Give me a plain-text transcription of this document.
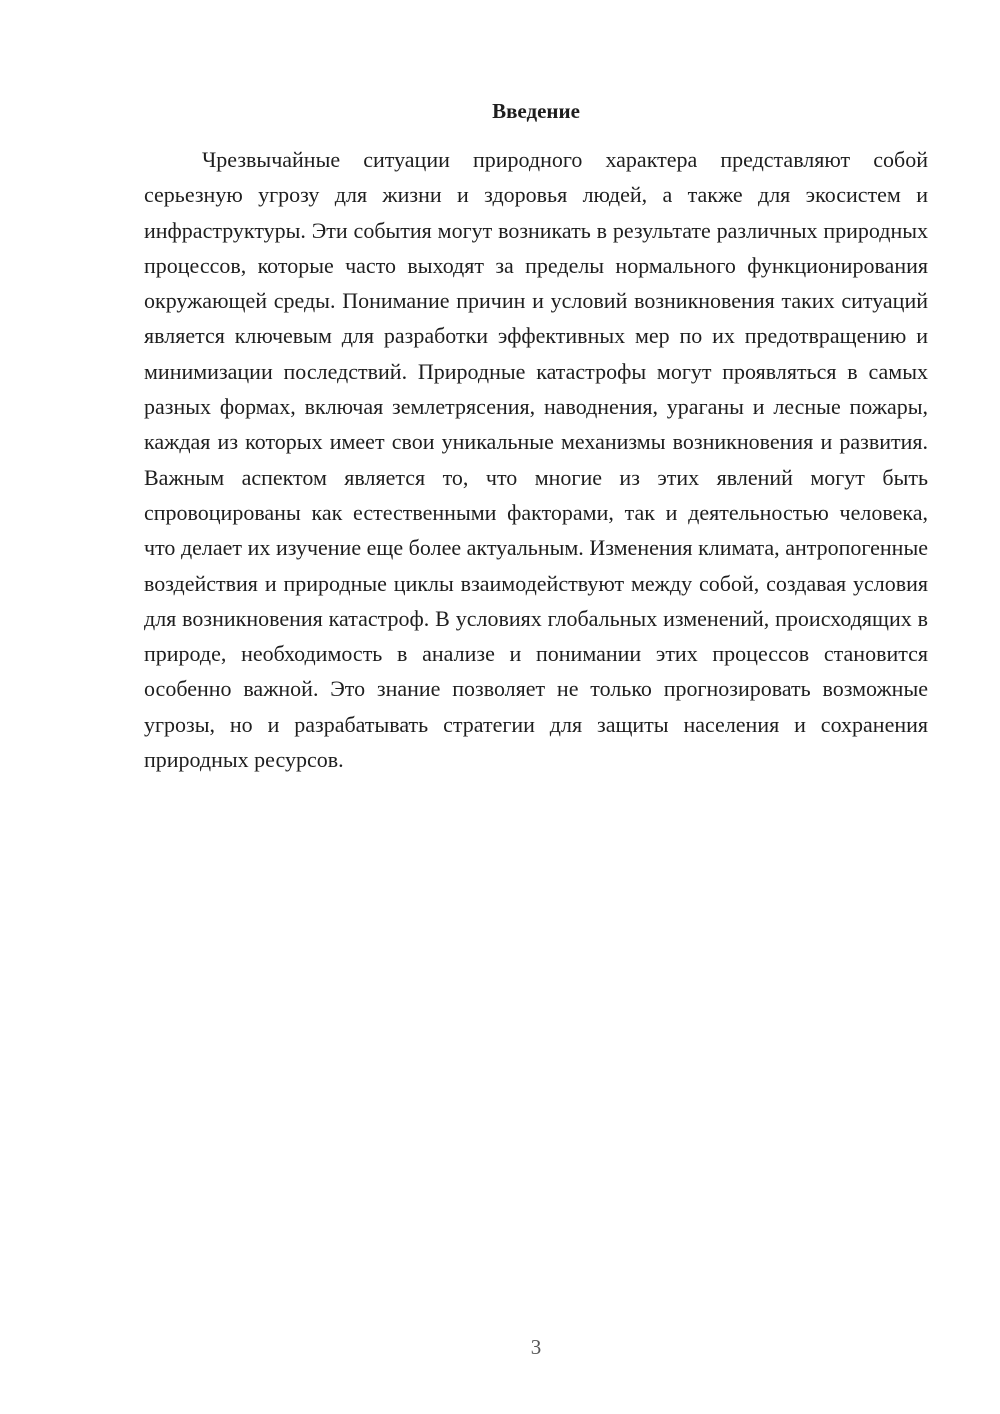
Введение

Чрезвычайные ситуации природного характера представляют собой серьезную угрозу для жизни и здоровья людей, а также для экосистем и инфраструктуры. Эти события могут возникать в результате различных природных процессов, которые часто выходят за пределы нормального функционирования окружающей среды. Понимание причин и условий возникновения таких ситуаций является ключевым для разработки эффективных мер по их предотвращению и минимизации последствий. Природные катастрофы могут проявляться в самых разных формах, включая землетрясения, наводнения, ураганы и лесные пожары, каждая из которых имеет свои уникальные механизмы возникновения и развития. Важным аспектом является то, что многие из этих явлений могут быть спровоцированы как естественными факторами, так и деятельностью человека, что делает их изучение еще более актуальным. Изменения климата, антропогенные воздействия и природные циклы взаимодействуют между собой, создавая условия для возникновения катастроф. В условиях глобальных изменений, происходящих в природе, необходимость в анализе и понимании этих процессов становится особенно важной. Это знание позволяет не только прогнозировать возможные угрозы, но и разрабатывать стратегии для защиты населения и сохранения природных ресурсов.

3
